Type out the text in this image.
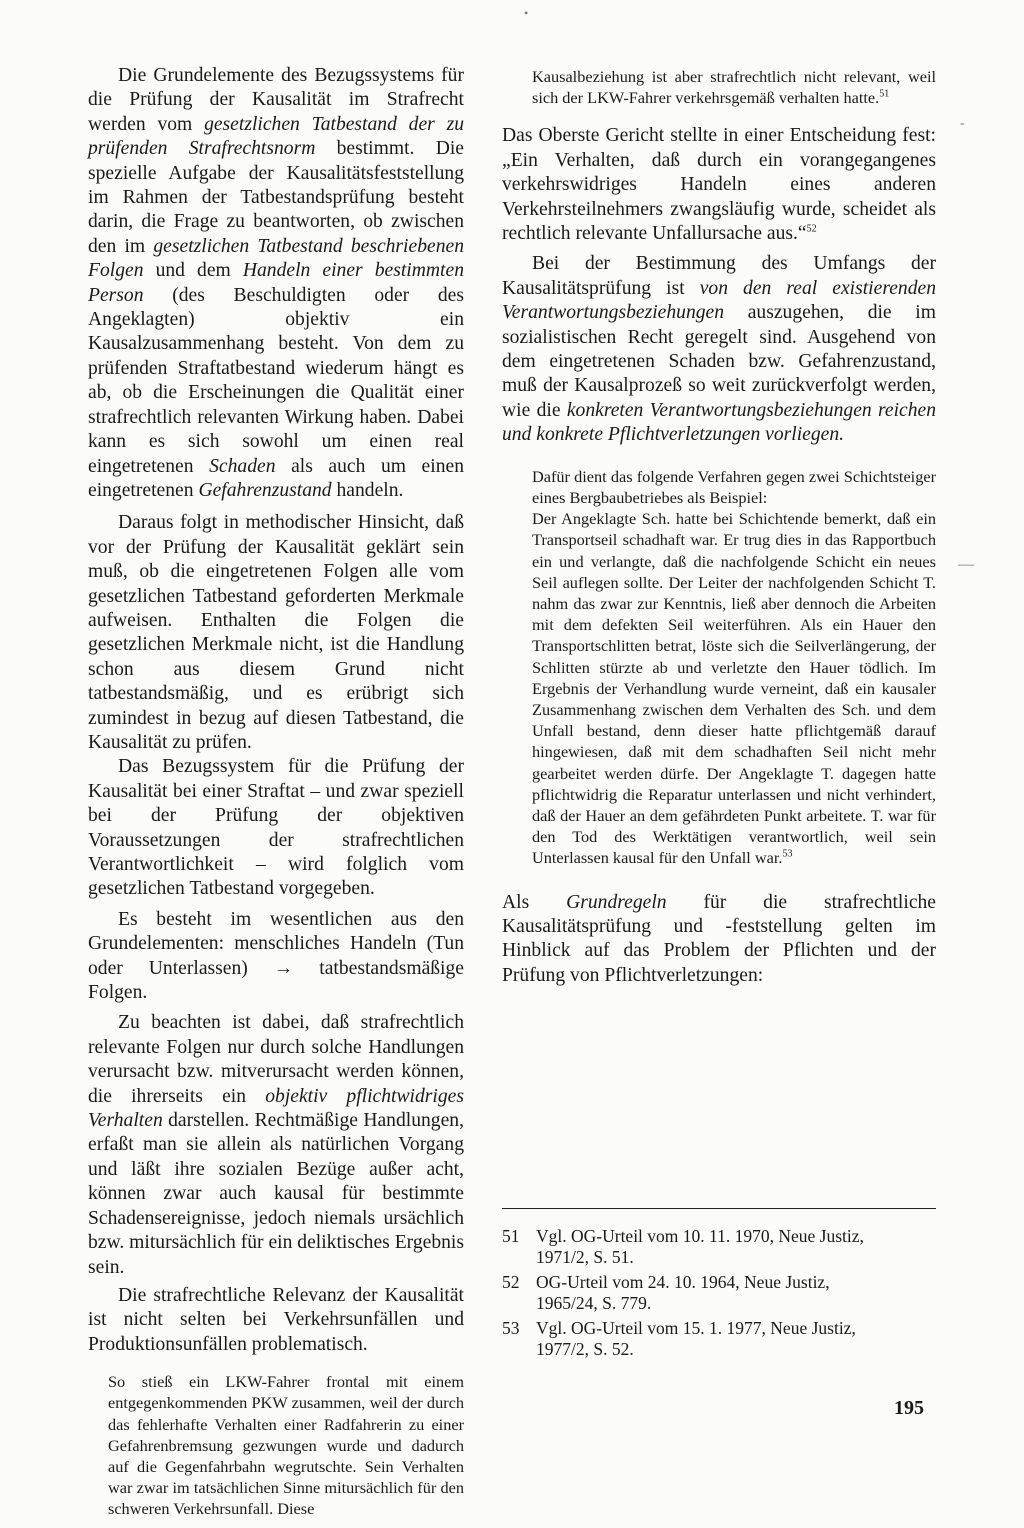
•
-
—

Die Grundelemente des Bezugssystems für die Prüfung der Kausalität im Strafrecht werden vom gesetzlichen Tatbestand der zu prüfenden Strafrechtsnorm bestimmt. Die spezielle Aufgabe der Kausalitätsfeststellung im Rahmen der Tatbestandsprüfung besteht darin, die Frage zu beantworten, ob zwischen den im gesetzlichen Tatbestand beschriebenen Folgen und dem Handeln einer bestimmten Person (des Beschuldigten oder des Angeklagten) objektiv ein Kausalzusammenhang besteht. Von dem zu prüfenden Straftatbestand wiederum hängt es ab, ob die Erscheinungen die Qualität einer strafrechtlich relevanten Wirkung haben. Dabei kann es sich sowohl um einen real eingetretenen Schaden als auch um einen eingetretenen Gefahrenzustand handeln.

Daraus folgt in methodischer Hinsicht, daß vor der Prüfung der Kausalität geklärt sein muß, ob die eingetretenen Folgen alle vom gesetzlichen Tatbestand geforderten Merkmale aufweisen. Enthalten die Folgen die gesetzlichen Merkmale nicht, ist die Handlung schon aus diesem Grund nicht tatbestandsmäßig, und es erübrigt sich zumindest in bezug auf diesen Tatbestand, die Kausalität zu prüfen.

Das Bezugssystem für die Prüfung der Kausalität bei einer Straftat – und zwar speziell bei der Prüfung der objektiven Voraussetzungen der strafrechtlichen Verantwortlichkeit – wird folglich vom gesetzlichen Tatbestand vorgegeben.

Es besteht im wesentlichen aus den Grundelementen: menschliches Handeln (Tun oder Unterlassen) → tatbestandsmäßige Folgen.

Zu beachten ist dabei, daß strafrechtlich relevante Folgen nur durch solche Handlungen verursacht bzw. mitverursacht werden können, die ihrerseits ein objektiv pflichtwidriges Verhalten darstellen. Rechtmäßige Handlungen, erfaßt man sie allein als natürlichen Vorgang und läßt ihre sozialen Bezüge außer acht, können zwar auch kausal für bestimmte Schadensereignisse, jedoch niemals ursächlich bzw. mitursächlich für ein deliktisches Ergebnis sein.

Die strafrechtliche Relevanz der Kausalität ist nicht selten bei Verkehrsunfällen und Produktionsunfällen problematisch.

So stieß ein LKW-Fahrer frontal mit einem entgegenkommenden PKW zusammen, weil der durch das fehlerhafte Verhalten einer Radfahrerin zu einer Gefahrenbremsung gezwungen wurde und dadurch auf die Gegenfahrbahn wegrutschte. Sein Verhalten war zwar im tatsächlichen Sinne mitursächlich für den schweren Verkehrsunfall. Diese

Kausalbeziehung ist aber strafrechtlich nicht relevant, weil sich der LKW-Fahrer verkehrsgemäß verhalten hatte.$^{51}$

Das Oberste Gericht stellte in einer Entscheidung fest: „Ein Verhalten, daß durch ein vorangegangenes verkehrswidriges Handeln eines anderen Verkehrsteilnehmers zwangsläufig wurde, scheidet als rechtlich relevante Unfallursache aus.“$^{52}$

Bei der Bestimmung des Umfangs der Kausalitätsprüfung ist von den real existierenden Verantwortungsbeziehungen auszugehen, die im sozialistischen Recht geregelt sind. Ausgehend von dem eingetretenen Schaden bzw. Gefahrenzustand, muß der Kausalprozeß so weit zurückverfolgt werden, wie die konkreten Verantwortungsbeziehungen reichen und konkrete Pflichtverletzungen vorliegen.

Dafür dient das folgende Verfahren gegen zwei Schichtsteiger eines Bergbaubetriebes als Beispiel:

Der Angeklagte Sch. hatte bei Schichtende bemerkt, daß ein Transportseil schadhaft war. Er trug dies in das Rapportbuch ein und verlangte, daß die nachfolgende Schicht ein neues Seil auflegen sollte. Der Leiter der nachfolgenden Schicht T. nahm das zwar zur Kenntnis, ließ aber dennoch die Arbeiten mit dem defekten Seil weiterführen. Als ein Hauer den Transportschlitten betrat, löste sich die Seilverlängerung, der Schlitten stürzte ab und verletzte den Hauer tödlich. Im Ergebnis der Verhandlung wurde verneint, daß ein kausaler Zusammenhang zwischen dem Verhalten des Sch. und dem Unfall bestand, denn dieser hatte pflichtgemäß darauf hingewiesen, daß mit dem schadhaften Seil nicht mehr gearbeitet werden dürfe. Der Angeklagte T. dagegen hatte pflichtwidrig die Reparatur unterlassen und nicht verhindert, daß der Hauer an dem gefährdeten Punkt arbeitete. T. war für den Tod des Werktätigen verantwortlich, weil sein Unterlassen kausal für den Unfall war.$^{53}$

Als Grundregeln für die strafrechtliche Kausalitätsprüfung und -feststellung gelten im Hinblick auf das Problem der Pflichten und der Prüfung von Pflichtverletzungen:

51 Vgl. OG-Urteil vom 10. 11. 1970, Neue Justiz,
1971/2, S. 51.
52 OG-Urteil vom 24. 10. 1964, Neue Justiz,
1965/24, S. 779.
53 Vgl. OG-Urteil vom 15. 1. 1977, Neue Justiz,
1977/2, S. 52.
195
